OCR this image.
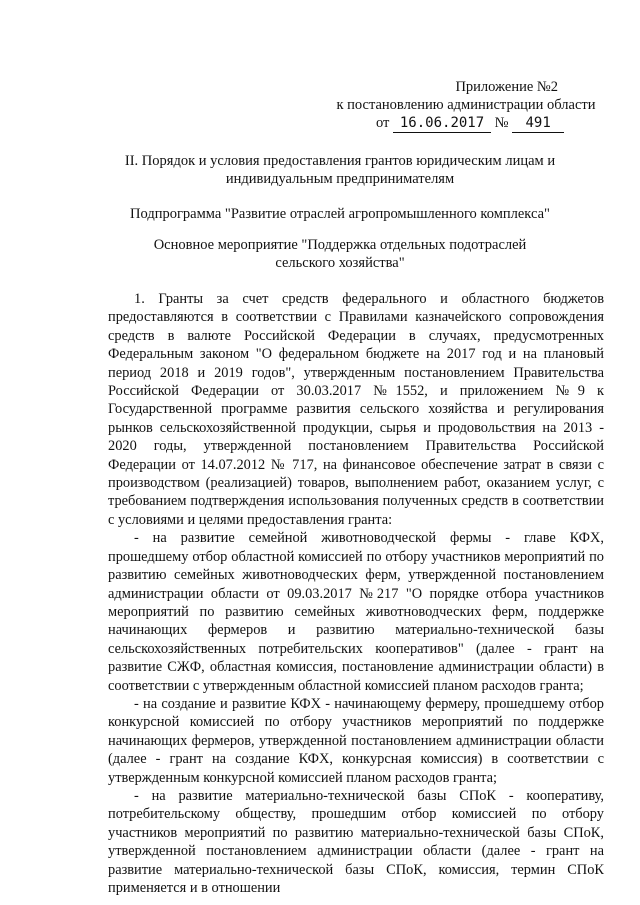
Приложение №2
к постановлению администрации области
от 16.06.2017 № 491
II. Порядок и условия предоставления грантов юридическим лицам и
индивидуальным предпринимателям
Подпрограмма "Развитие отраслей агропромышленного комплекса"
Основное мероприятие "Поддержка отдельных подотраслей
сельского хозяйства"

1. Гранты за счет средств федерального и областного бюджетов предоставляются в соответствии с Правилами казначейского сопровождения средств в валюте Российской Федерации в случаях, предусмотренных Федеральным законом "О федеральном бюджете на 2017 год и на плановый период 2018 и 2019 годов", утвержденным постановлением Правительства Российской Федерации от 30.03.2017 №1552, и приложением №9 к Государственной программе развития сельского хозяйства и регулирования рынков сельскохозяйственной продукции, сырья и продовольствия на 2013 - 2020 годы, утвержденной постановлением Правительства Российской Федерации от 14.07.2012 № 717, на финансовое обеспечение затрат в связи с производством (реализацией) товаров, выполнением работ, оказанием услуг, с требованием подтверждения использования полученных средств в соответствии с условиями и целями предоставления гранта:

- на развитие семейной животноводческой фермы - главе КФХ, прошедшему отбор областной комиссией по отбору участников мероприятий по развитию семейных животноводческих ферм, утвержденной постановлением администрации области от 09.03.2017 №217 "О порядке отбора участников мероприятий по развитию семейных животноводческих ферм, поддержке начинающих фермеров и развитию материально-технической базы сельскохозяйственных потребительских кооперативов" (далее - грант на развитие СЖФ, областная комиссия, постановление администрации области) в соответствии с утвержденным областной комиссией планом расходов гранта;

- на создание и развитие КФХ - начинающему фермеру, прошедшему отбор конкурсной комиссией по отбору участников мероприятий по поддержке начинающих фермеров, утвержденной постановлением администрации области (далее - грант на создание КФХ, конкурсная комиссия) в соответствии с утвержденным конкурсной комиссией планом расходов гранта;

- на развитие материально-технической базы СПоК - кооперативу, потребительскому обществу, прошедшим отбор комиссией по отбору участников мероприятий по развитию материально-технической базы СПоК, утвержденной постановлением администрации области (далее - грант на развитие материально-технической базы СПоК, комиссия, термин СПоК применяется и в отношении
